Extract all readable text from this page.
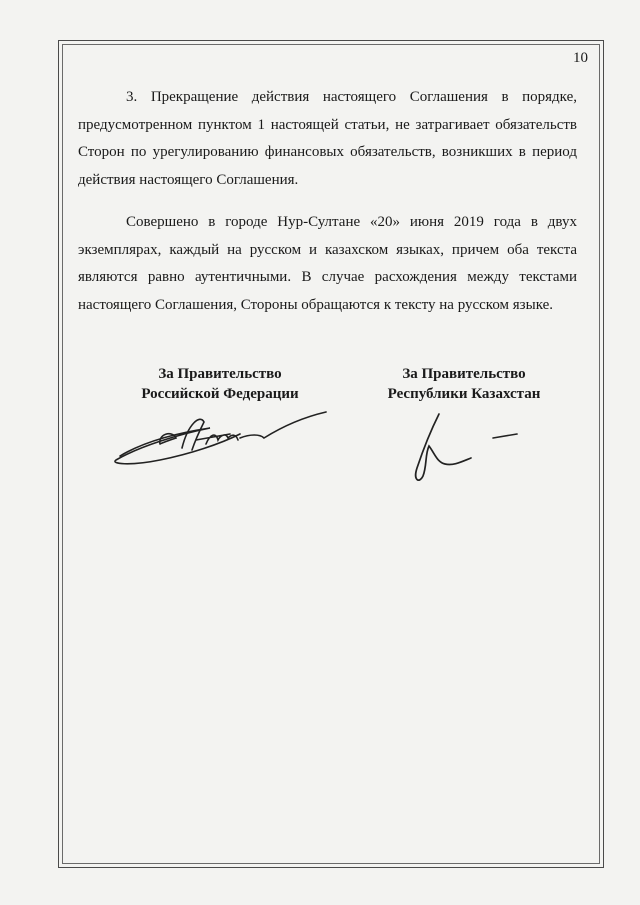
10

3. Прекращение действия настоящего Соглашения в порядке, предусмотренном пунктом 1 настоящей статьи, не затрагивает обязательств Сторон по урегулированию финансовых обязательств, возникших в период действия настоящего Соглашения.

Совершено в городе Нур-Султане «20» июня 2019 года в двух экземплярах, каждый на русском и казахском языках, причем оба текста являются равно аутентичными. В случае расхождения между текстами настоящего Соглашения, Стороны обращаются к тексту на русском языке.

За Правительство
Российской Федерации
За Правительство
Республики Казахстан
